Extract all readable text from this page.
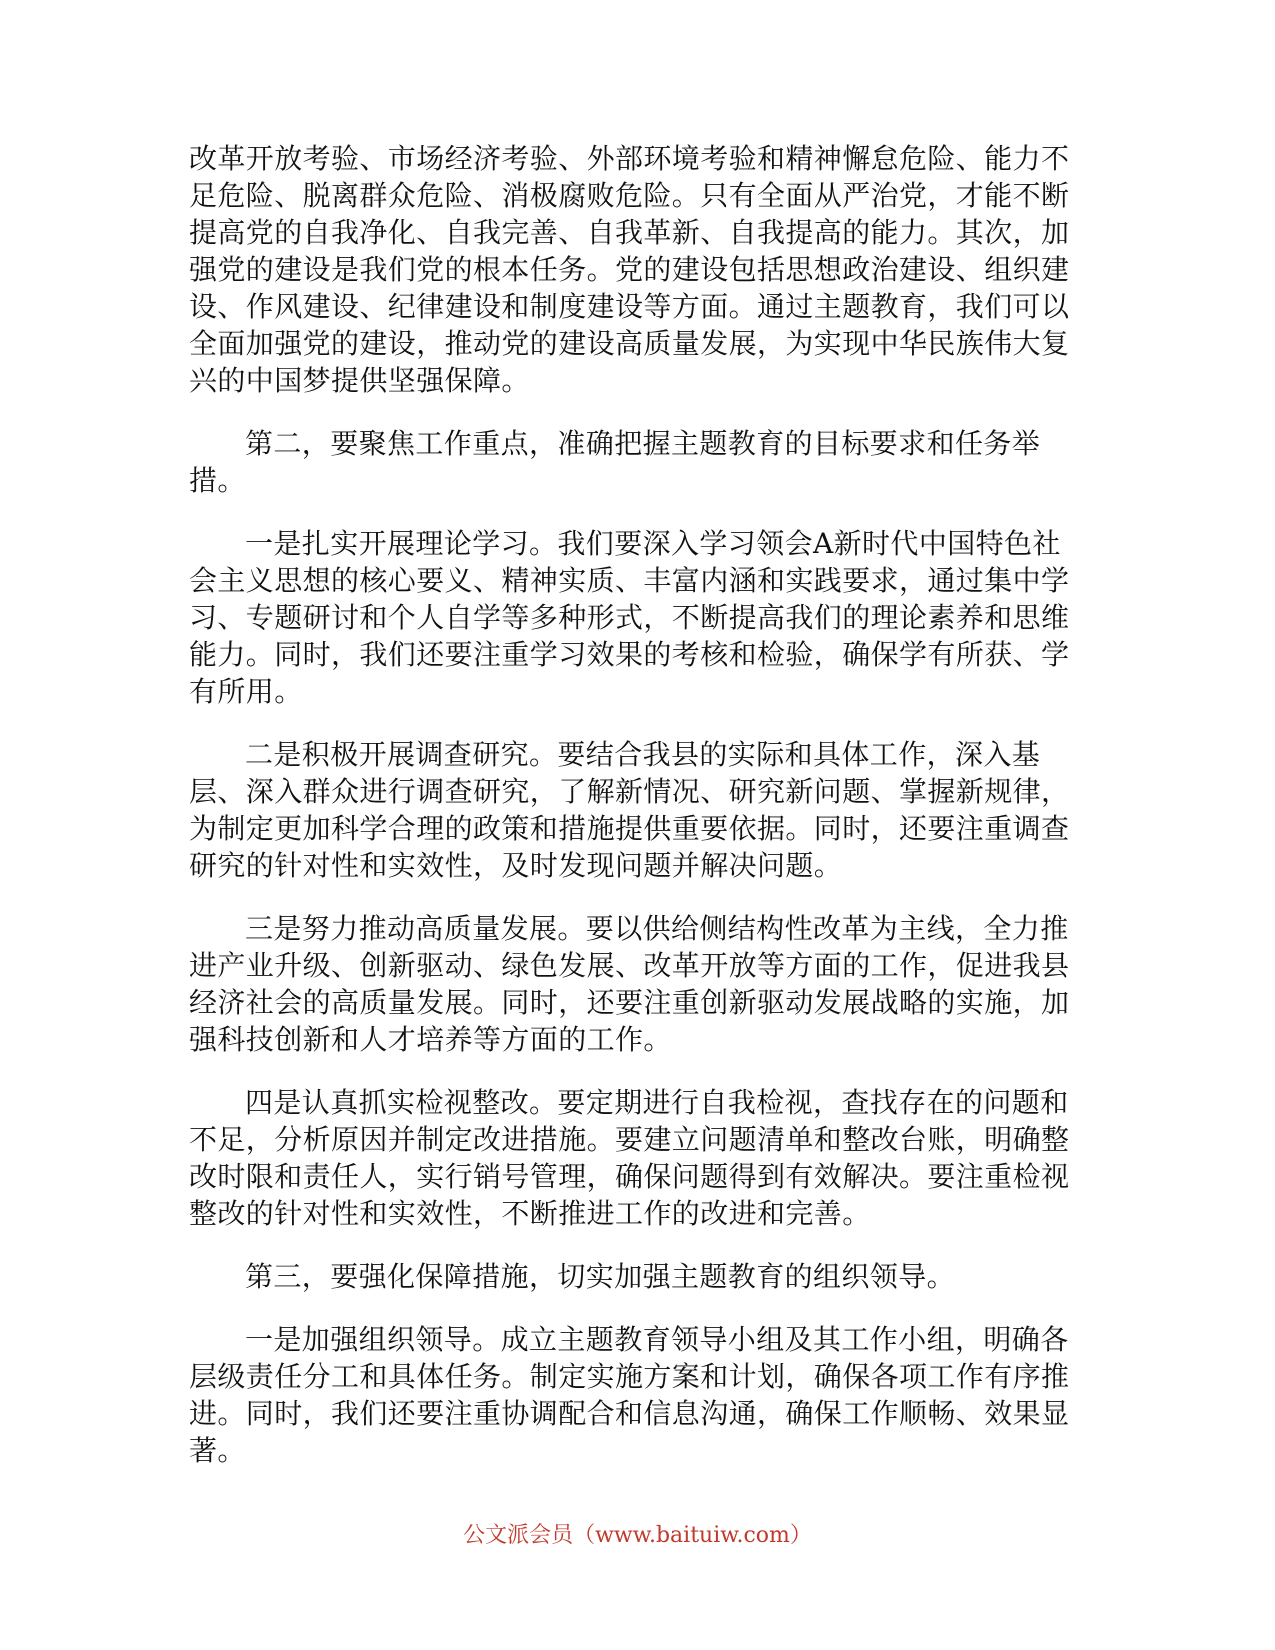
改革开放考验、市场经济考验、外部环境考验和精神懈怠危险、能力不足危险、脱离群众危险、消极腐败危险。只有全面从严治党，才能不断提高党的自我净化、自我完善、自我革新、自我提高的能力。其次，加强党的建设是我们党的根本任务。党的建设包括思想政治建设、组织建设、作风建设、纪律建设和制度建设等方面。通过主题教育，我们可以全面加强党的建设，推动党的建设高质量发展，为实现中华民族伟大复兴的中国梦提供坚强保障。

第二，要聚焦工作重点，准确把握主题教育的目标要求和任务举措。

一是扎实开展理论学习。我们要深入学习领会A新时代中国特色社会主义思想的核心要义、精神实质、丰富内涵和实践要求，通过集中学习、专题研讨和个人自学等多种形式，不断提高我们的理论素养和思维能力。同时，我们还要注重学习效果的考核和检验，确保学有所获、学有所用。

二是积极开展调查研究。要结合我县的实际和具体工作，深入基层、深入群众进行调查研究，了解新情况、研究新问题、掌握新规律，为制定更加科学合理的政策和措施提供重要依据。同时，还要注重调查研究的针对性和实效性，及时发现问题并解决问题。

三是努力推动高质量发展。要以供给侧结构性改革为主线，全力推进产业升级、创新驱动、绿色发展、改革开放等方面的工作，促进我县经济社会的高质量发展。同时，还要注重创新驱动发展战略的实施，加强科技创新和人才培养等方面的工作。

四是认真抓实检视整改。要定期进行自我检视，查找存在的问题和不足，分析原因并制定改进措施。要建立问题清单和整改台账，明确整改时限和责任人，实行销号管理，确保问题得到有效解决。要注重检视整改的针对性和实效性，不断推进工作的改进和完善。

第三，要强化保障措施，切实加强主题教育的组织领导。

一是加强组织领导。成立主题教育领导小组及其工作小组，明确各层级责任分工和具体任务。制定实施方案和计划，确保各项工作有序推进。同时，我们还要注重协调配合和信息沟通，确保工作顺畅、效果显著。

公文派会员（www.baituiw.com）
